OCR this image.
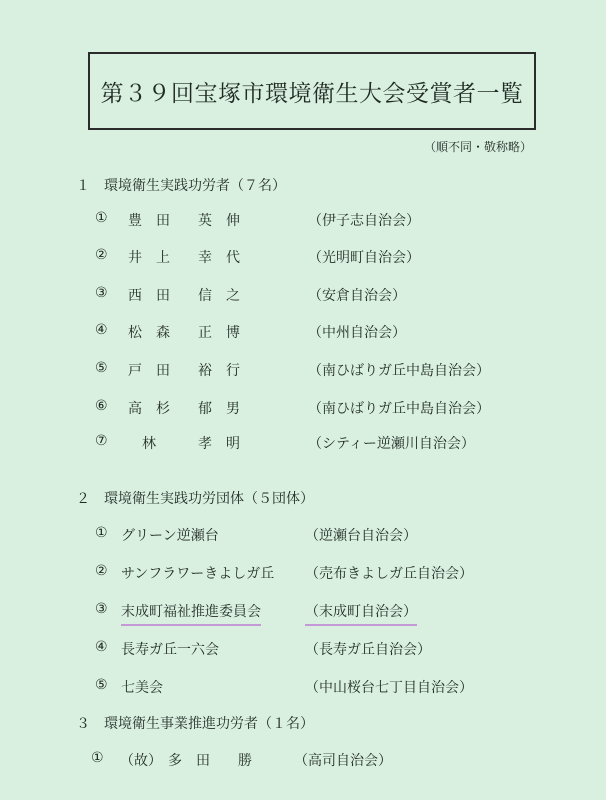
第３９回宝塚市環境衛生大会受賞者一覧
（順不同・敬称略）
１　環境衛生実践功労者（７名）
① 豊　田　　英　伸	（伊子志自治会）
② 井　上　　幸　代	（光明町自治会）
③ 西　田　　信　之	（安倉自治会）
④ 松　森　　正　博	（中州自治会）
⑤ 戸　田　　裕　行	（南ひばりガ丘中島自治会）
⑥ 高　杉　　郁　男	（南ひばりガ丘中島自治会）
⑦ 　林　　　孝　明	（シティー逆瀬川自治会）
２　環境衛生実践功労団体（５団体）
① グリーン逆瀬台	（逆瀬台自治会）
② サンフラワーきよしガ丘 （売布きよしガ丘自治会）
③ 末成町福祉推進委員会	（末成町自治会）
④ 長寿ガ丘一六会	（長寿ガ丘自治会）
⑤ 七美会	（中山桜台七丁目自治会）
３　環境衛生事業推進功労者（１名）
① （故） 多　田　　勝	（高司自治会）
